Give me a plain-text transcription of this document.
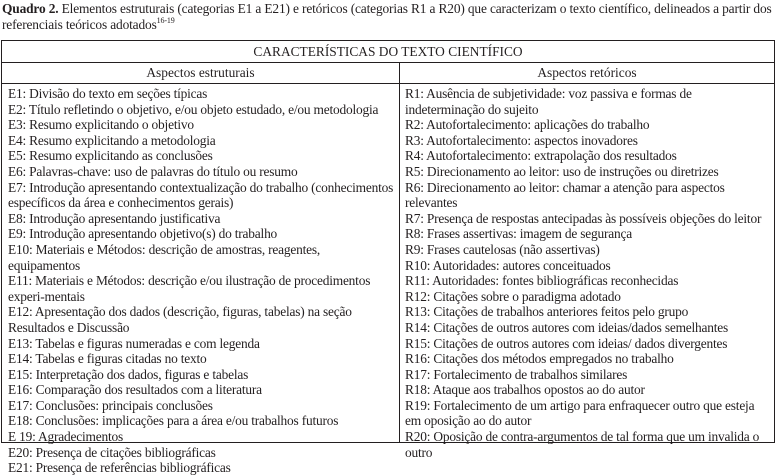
Quadro 2. Elementos estruturais (categorias E1 a E21) e retóricos (categorias R1 a R20) que caracterizam o texto científico, delineados a partir dos referenciais teóricos adotados$^{16-19}$
CARACTERÍSTICAS DO TEXTO CIENTÍFICO
Aspectos estruturais
E1: Divisão do texto em seções típicas
E2: Título refletindo o objetivo, e/ou objeto estudado, e/ou metodologia
E3: Resumo explicitando o objetivo
E4: Resumo explicitando a metodologia
E5: Resumo explicitando as conclusões
E6: Palavras-chave: uso de palavras do título ou resumo
E7: Introdução apresentando contextualização do trabalho (conhecimentos específicos da área e conhecimentos gerais)
E8: Introdução apresentando justificativa
E9: Introdução apresentando objetivo(s) do trabalho
E10: Materiais e Métodos: descrição de amostras, reagentes, equipamentos
E11: Materiais e Métodos: descrição e/ou ilustração de procedimentos experi-mentais
E12: Apresentação dos dados (descrição, figuras, tabelas) na seção Resultados e Discussão
E13: Tabelas e figuras numeradas e com legenda
E14: Tabelas e figuras citadas no texto
E15: Interpretação dos dados, figuras e tabelas
E16: Comparação dos resultados com a literatura
E17: Conclusões: principais conclusões
E18: Conclusões: implicações para a área e/ou trabalhos futuros
E 19: Agradecimentos
E20: Presença de citações bibliográficas
E21: Presença de referências bibliográficas
Aspectos retóricos
R1: Ausência de subjetividade: voz passiva e formas de indeterminação do sujeito
R2: Autofortalecimento: aplicações do trabalho
R3: Autofortalecimento: aspectos inovadores
R4: Autofortalecimento: extrapolação dos resultados
R5: Direcionamento ao leitor: uso de instruções ou diretrizes
R6: Direcionamento ao leitor: chamar a atenção para aspectos relevantes
R7: Presença de respostas antecipadas às possíveis objeções do leitor
R8: Frases assertivas: imagem de segurança
R9: Frases cautelosas (não assertivas)
R10: Autoridades: autores conceituados
R11: Autoridades: fontes bibliográficas reconhecidas
R12: Citações sobre o paradigma adotado
R13: Citações de trabalhos anteriores feitos pelo grupo
R14: Citações de outros autores com ideias/dados semelhantes
R15: Citações de outros autores com ideias/ dados divergentes
R16: Citações dos métodos empregados no trabalho
R17: Fortalecimento de trabalhos similares
R18: Ataque aos trabalhos opostos ao do autor
R19: Fortalecimento de um artigo para enfraquecer outro que esteja em oposição ao do autor
R20: Oposição de contra-argumentos de tal forma que um invalida o outro
